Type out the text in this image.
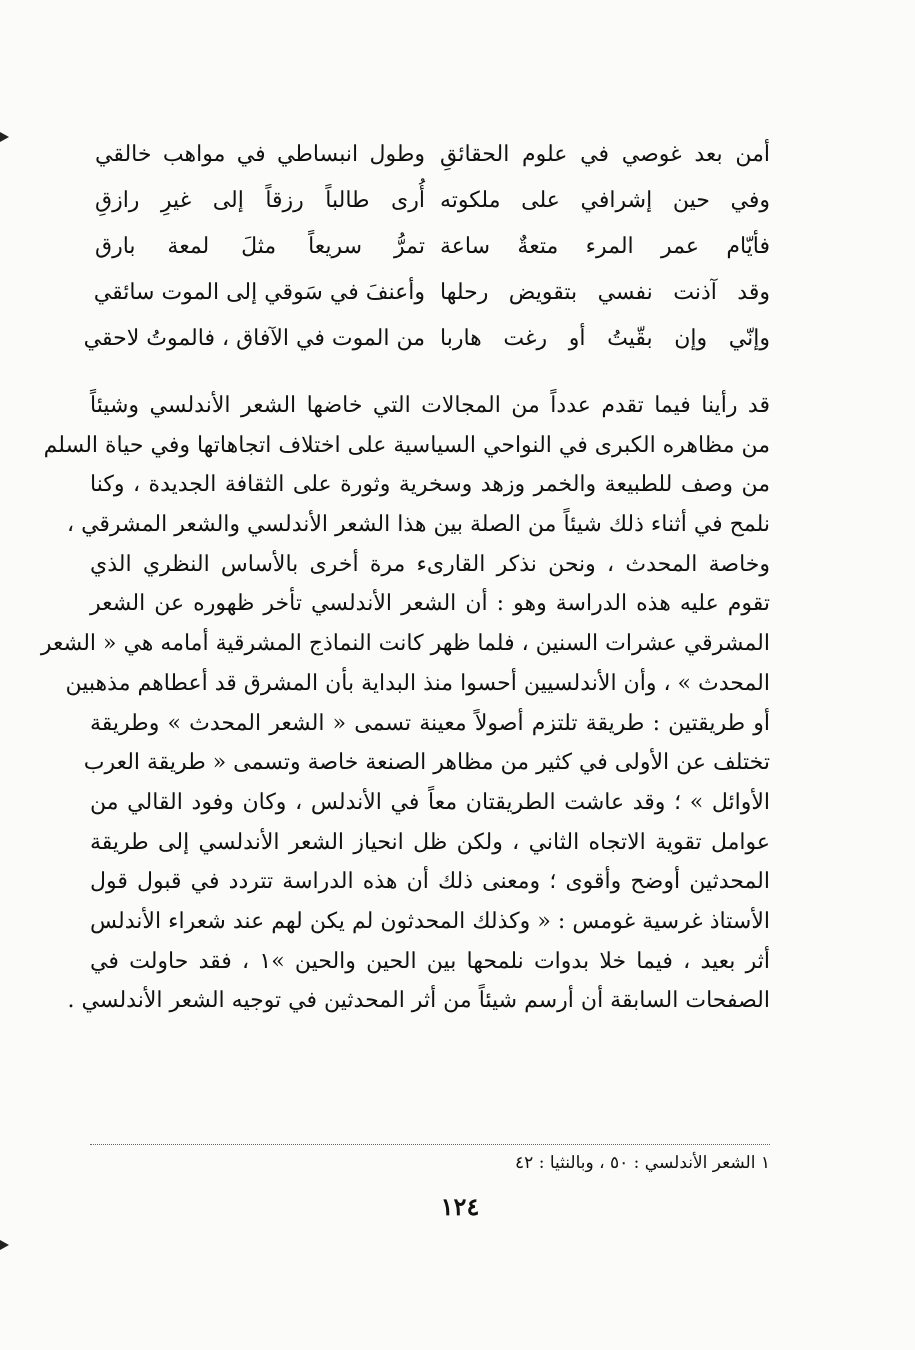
أمن بعد غوصي في علوم الحقائقِ
وفي حين إشرافي على ملكوته
فأيّام عمر المرء متعةٌ ساعة
وقد آذنت نفسي بتقويض رحلها
وإنّي وإن بقّيتُ أو رغت هاربا
وطول انبساطي في مواهب خالقي
أُرى طالباً رزقاً إلى غيرِ رازقِ
تمرُّ سريعاً مثلَ لمعة بارق
وأعنفَ في سَوقي إلى الموت سائقي
من الموت في الآفاق ، فالموتُ لاحقي
قد رأينا فيما تقدم عدداً من المجالات التي خاضها الشعر الأندلسي وشيئاً
من مظاهره الكبرى في النواحي السياسية على اختلاف اتجاهاتها وفي حياة السلم
من وصف للطبيعة والخمر وزهد وسخرية وثورة على الثقافة الجديدة ، وكنا
نلمح في أثناء ذلك شيئاً من الصلة بين هذا الشعر الأندلسي والشعر المشرقي ،
وخاصة المحدث ، ونحن نذكر القارىء مرة أخرى بالأساس النظري الذي
تقوم عليه هذه الدراسة وهو : أن الشعر الأندلسي تأخر ظهوره عن الشعر
المشرقي عشرات السنين ، فلما ظهر كانت النماذج المشرقية أمامه هي « الشعر
المحدث » ، وأن الأندلسيين أحسوا منذ البداية بأن المشرق قد أعطاهم مذهبين
أو طريقتين : طريقة تلتزم أصولاً معينة تسمى « الشعر المحدث » وطريقة
تختلف عن الأولى في كثير من مظاهر الصنعة خاصة وتسمى « طريقة العرب
الأوائل » ؛ وقد عاشت الطريقتان معاً في الأندلس ، وكان وفود القالي من
عوامل تقوية الاتجاه الثاني ، ولكن ظل انحياز الشعر الأندلسي إلى طريقة
المحدثين أوضح وأقوى ؛ ومعنى ذلك أن هذه الدراسة تتردد في قبول قول
الأستاذ غرسية غومس : « وكذلك المحدثون لم يكن لهم عند شعراء الأندلس
أثر بعيد ، فيما خلا بدوات نلمحها بين الحين والحين »١ ، فقد حاولت في
الصفحات السابقة أن أرسم شيئاً من أثر المحدثين في توجيه الشعر الأندلسي .
١ الشعر الأندلسي : ٥٠ ، وبالنثيا : ٤٢
١٢٤
